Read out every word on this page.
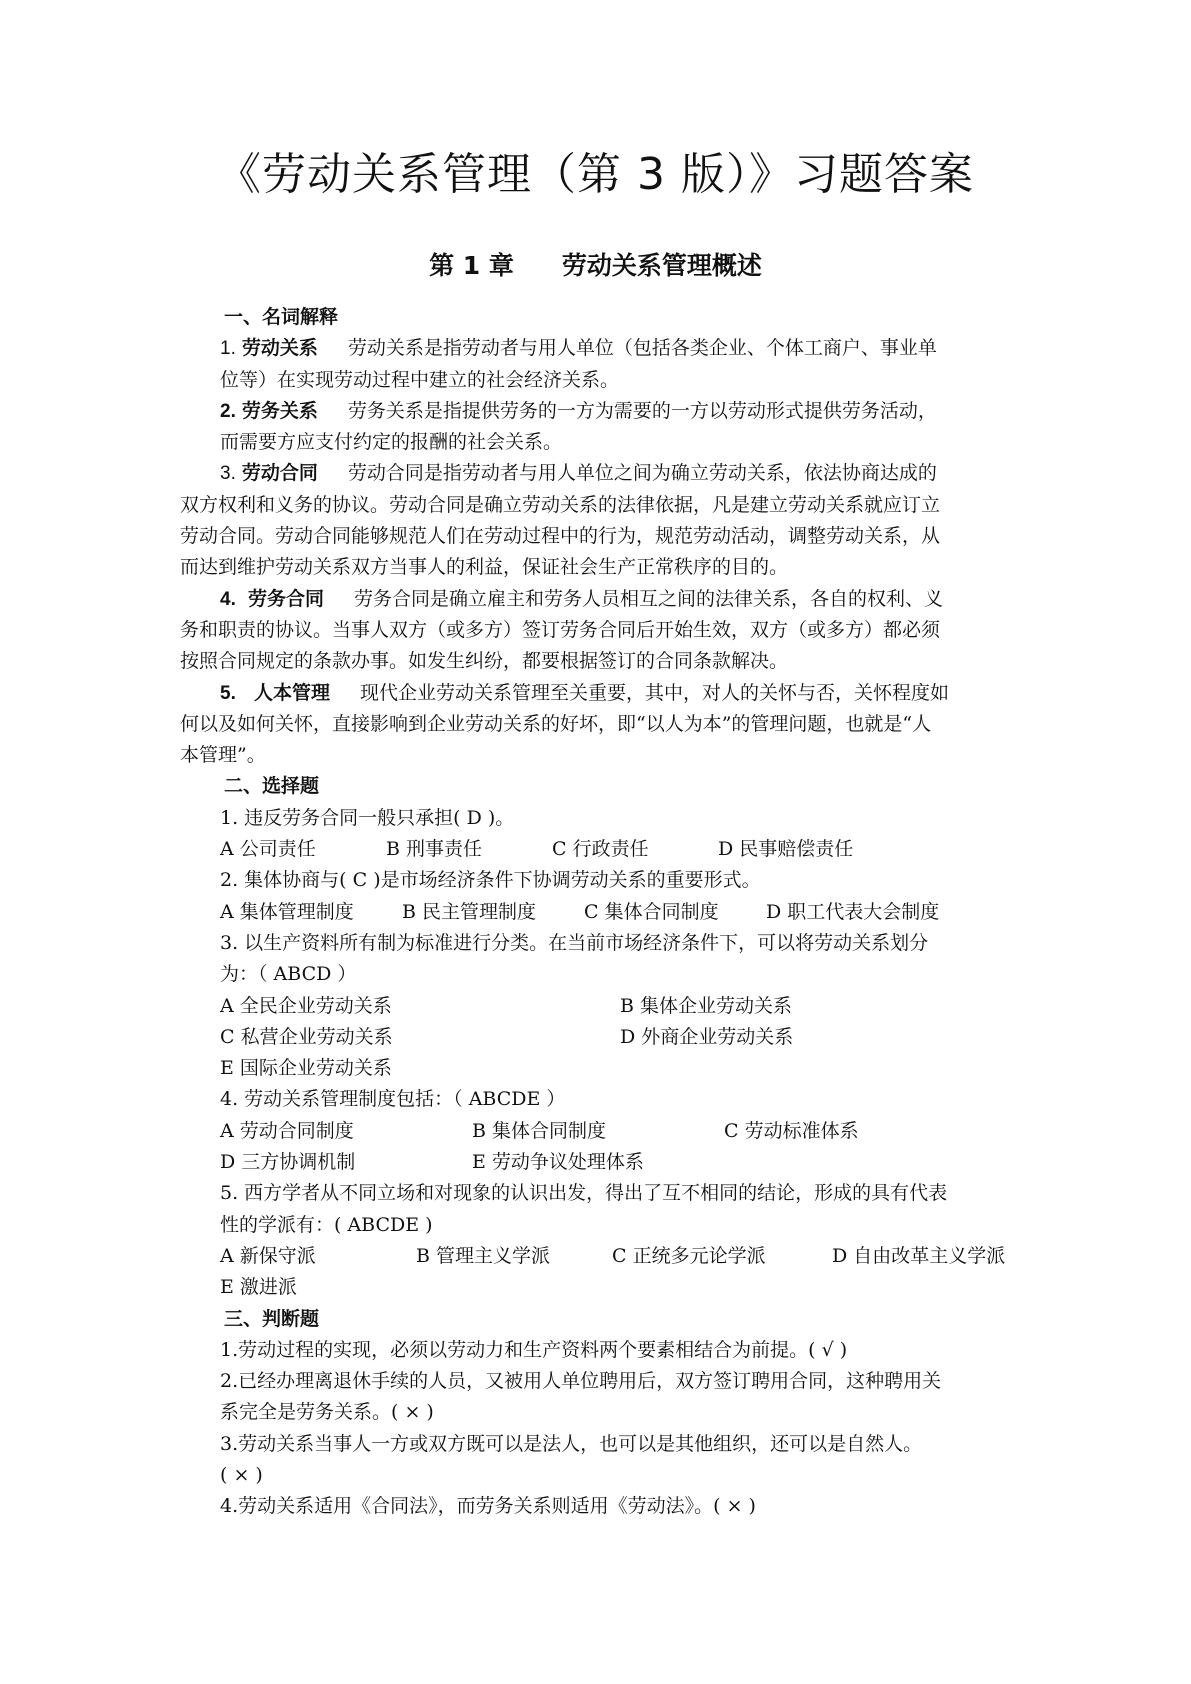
《劳动关系管理（第 3 版）》习题答案
第 1 章 劳动关系管理概述
一、名词解释
1. 劳动关系 劳动关系是指劳动者与用人单位（包括各类企业、个体工商户、事业单
位等）在实现劳动过程中建立的社会经济关系。
2. 劳务关系 劳务关系是指提供劳务的一方为需要的一方以劳动形式提供劳务活动，
而需要方应支付约定的报酬的社会关系。
3. 劳动合同 劳动合同是指劳动者与用人单位之间为确立劳动关系，依法协商达成的
双方权利和义务的协议。劳动合同是确立劳动关系的法律依据，凡是建立劳动关系就应订立
劳动合同。劳动合同能够规范人们在劳动过程中的行为，规范劳动活动，调整劳动关系，从
而达到维护劳动关系双方当事人的利益，保证社会生产正常秩序的目的。
4. 劳务合同 劳务合同是确立雇主和劳务人员相互之间的法律关系，各自的权利、义
务和职责的协议。当事人双方（或多方）签订劳务合同后开始生效，双方（或多方）都必须
按照合同规定的条款办事。如发生纠纷，都要根据签订的合同条款解决。
5. 人本管理 现代企业劳动关系管理至关重要，其中，对人的关怀与否，关怀程度如
何以及如何关怀，直接影响到企业劳动关系的好坏，即“以人为本”的管理问题，也就是“人
本管理”。
二、选择题
1. 违反劳务合同一般只承担( D )。
A 公司责任	B 刑事责任	C 行政责任	D 民事赔偿责任
2. 集体协商与( C )是市场经济条件下协调劳动关系的重要形式。
A 集体管理制度	B 民主管理制度	C 集体合同制度 D 职工代表大会制度
3. 以生产资料所有制为标准进行分类。在当前市场经济条件下，可以将劳动关系划分
为：（ ABCD ）
A 全民企业劳动关系	B 集体企业劳动关系
C 私营企业劳动关系	D 外商企业劳动关系
E 国际企业劳动关系
4. 劳动关系管理制度包括：（ ABCDE ）
A 劳动合同制度	B 集体合同制度	C 劳动标准体系
D 三方协调机制	E 劳动争议处理体系
5. 西方学者从不同立场和对现象的认识出发，得出了互不相同的结论，形成的具有代表
性的学派有：( ABCDE )
A 新保守派	B 管理主义学派	C 正统多元论学派	D 自由改革主义学派
E 激进派
三、判断题
1.劳动过程的实现，必须以劳动力和生产资料两个要素相结合为前提。( √ )
2.已经办理离退休手续的人员，又被用人单位聘用后，双方签订聘用合同，这种聘用关
系完全是劳务关系。( × )
3.劳动关系当事人一方或双方既可以是法人，也可以是其他组织，还可以是自然人。
( × )
4.劳动关系适用《合同法》，而劳务关系则适用《劳动法》。( × )
